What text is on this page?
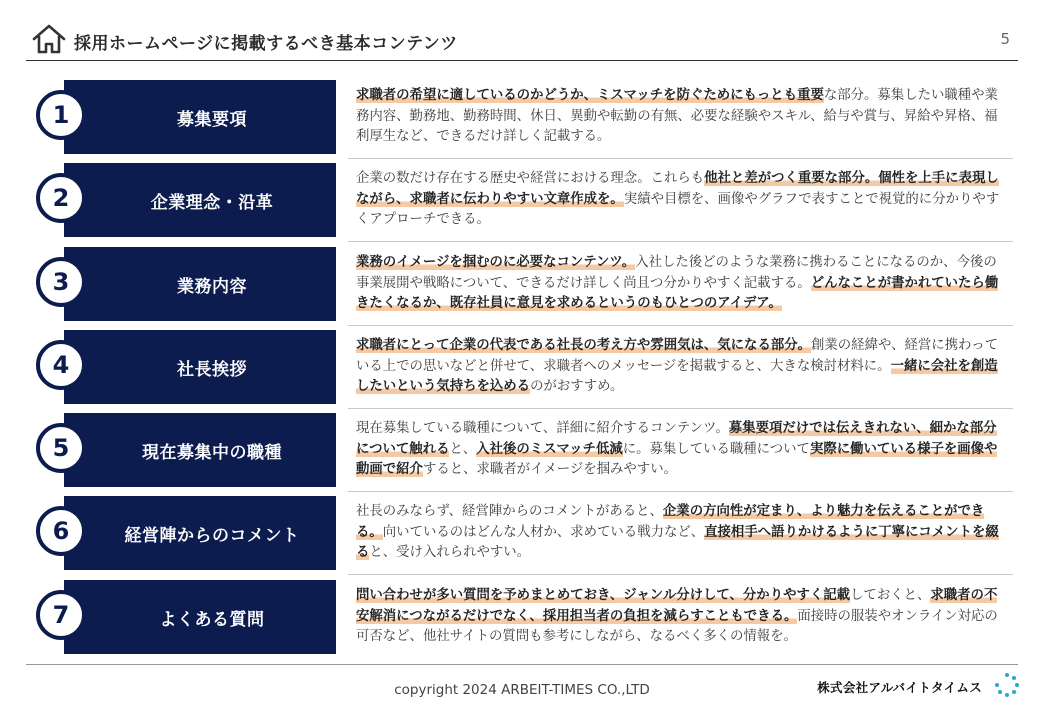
採用ホームページに掲載するべき基本コンテンツ	5
募集要項
1
求職者の希望に適しているのかどうか、ミスマッチを防ぐためにもっとも重要な部分。募集したい職種や業務内容、勤務地、勤務時間、休日、異動や転勤の有無、必要な経験やスキル、給与や賞与、昇給や昇格、福利厚生など、できるだけ詳しく記載する。
企業理念・沿革
2
企業の数だけ存在する歴史や経営における理念。これらも他社と差がつく重要な部分。個性を上手に表現しながら、求職者に伝わりやすい文章作成を。実績や目標を、画像やグラフで表すことで視覚的に分かりやすくアプローチできる。
業務内容
3
業務のイメージを掴むのに必要なコンテンツ。入社した後どのような業務に携わることになるのか、今後の事業展開や戦略について、できるだけ詳しく尚且つ分かりやすく記載する。どんなことが書かれていたら働きたくなるか、既存社員に意見を求めるというのもひとつのアイデア。
社長挨拶
4
求職者にとって企業の代表である社長の考え方や雰囲気は、気になる部分。創業の経緯や、経営に携わっている上での思いなどと併せて、求職者へのメッセージを掲載すると、大きな検討材料に。一緒に会社を創造したいという気持ちを込めるのがおすすめ。
現在募集中の職種
5
現在募集している職種について、詳細に紹介するコンテンツ。募集要項だけでは伝えきれない、細かな部分について触れると、入社後のミスマッチ低減に。募集している職種について実際に働いている様子を画像や動画で紹介すると、求職者がイメージを掴みやすい。
経営陣からのコメント
6
社長のみならず、経営陣からのコメントがあると、企業の方向性が定まり、より魅力を伝えることができる。向いているのはどんな人材か、求めている戦力など、直接相手へ語りかけるように丁寧にコメントを綴ると、受け入れられやすい。
よくある質問
7
問い合わせが多い質問を予めまとめておき、ジャンル分けして、分かりやすく記載しておくと、求職者の不安解消につながるだけでなく、採用担当者の負担を減らすこともできる。面接時の服装やオンライン対応の可否など、他社サイトの質問も参考にしながら、なるべく多くの情報を。
copyright 2024 ARBEIT-TIMES CO.,LTD	株式会社アルバイトタイムス
